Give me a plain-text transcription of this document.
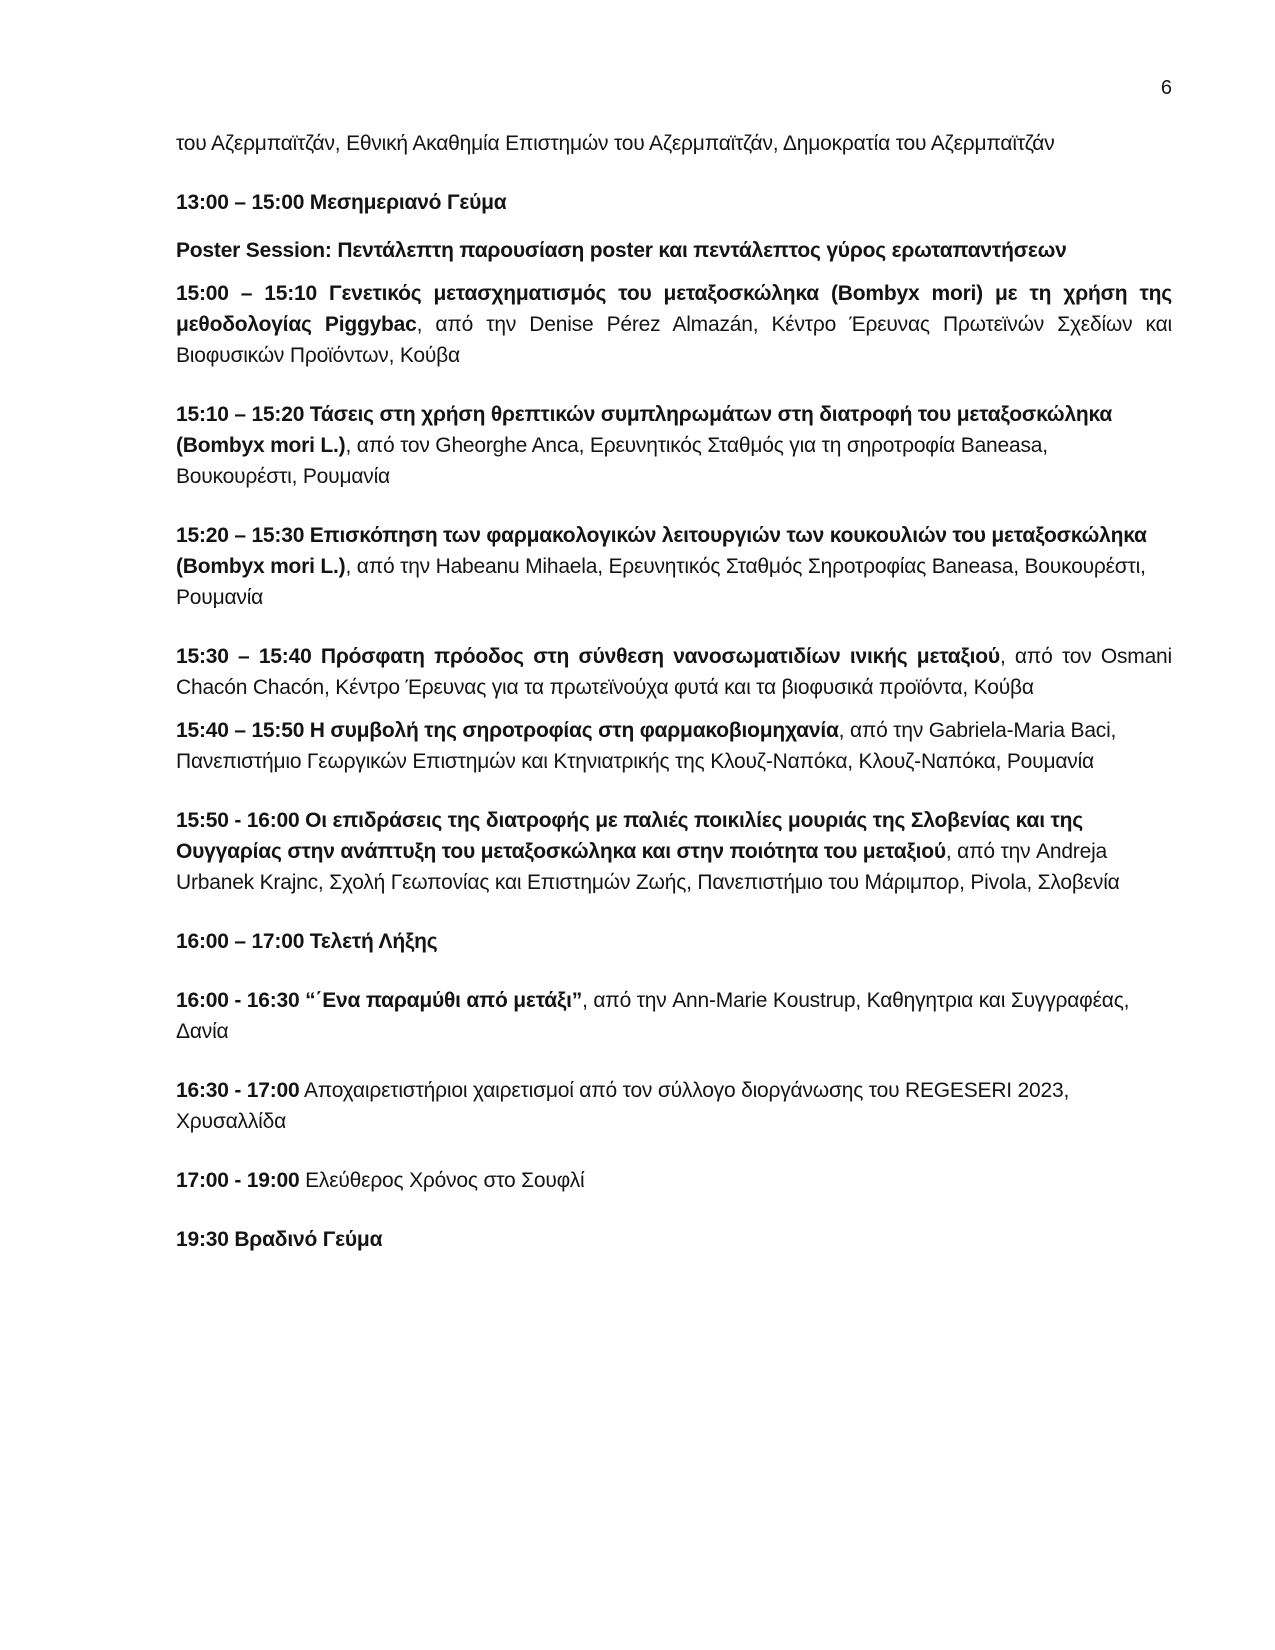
6

του Αζερμπαϊτζάν, Εθνική Ακαθημία Επιστημών του Αζερμπαϊτζάν, Δημοκρατία του Αζερμπαϊτζάν

13:00 – 15:00 Μεσημεριανό Γεύμα

Poster Session: Πεντάλεπτη παρουσίαση poster και πεντάλεπτος γύρος ερωταπαντήσεων

15:00 – 15:10 Γενετικός μετασχηματισμός του μεταξοσκώληκα (Bombyx mori) με τη χρήση της μεθοδολογίας Piggybac, από την Denise Pérez Almazán, Κέντρο Έρευνας Πρωτεϊνών Σχεδίων και Βιοφυσικών Προϊόντων, Κούβα

15:10 – 15:20 Τάσεις στη χρήση θρεπτικών συμπληρωμάτων στη διατροφή του μεταξοσκώληκα (Bombyx mori L.), από τον Gheorghe Anca, Ερευνητικός Σταθμός για τη σηροτροφία Baneasa, Βουκουρέστι, Ρουμανία

15:20 – 15:30 Επισκόπηση των φαρμακολογικών λειτουργιών των κουκουλιών του μεταξοσκώληκα (Bombyx mori L.), από την Habeanu Mihaela, Ερευνητικός Σταθμός Σηροτροφίας Baneasa, Βουκουρέστι, Ρουμανία

15:30 – 15:40 Πρόσφατη πρόοδος στη σύνθεση νανοσωματιδίων ινικής μεταξιού, από τον Osmani Chacón Chacón, Κέντρο Έρευνας για τα πρωτεϊνούχα φυτά και τα βιοφυσικά προϊόντα, Κούβα

15:40 – 15:50 Η συμβολή της σηροτροφίας στη φαρμακοβιομηχανία, από την Gabriela-Maria Baci, Πανεπιστήμιο Γεωργικών Επιστημών και Κτηνιατρικής της Κλουζ-Ναπόκα, Κλουζ-Ναπόκα, Ρουμανία

15:50 - 16:00 Οι επιδράσεις της διατροφής με παλιές ποικιλίες μουριάς της Σλοβενίας και της Ουγγαρίας στην ανάπτυξη του μεταξοσκώληκα και στην ποιότητα του μεταξιού, από την Andreja Urbanek Krajnc, Σχολή Γεωπονίας και Επιστημών Ζωής, Πανεπιστήμιο του Μάριμπορ, Pivola, Σλοβενία

16:00 – 17:00 Τελετή Λήξης

16:00 - 16:30 “΄Ενα παραμύθι από μετάξι”, από την Ann-Marie Koustrup, Καθηγητρια και Συγγραφέας, Δανία

16:30 - 17:00 Αποχαιρετιστήριοι χαιρετισμοί από τον σύλλογο διοργάνωσης του REGESERI 2023, Χρυσαλλίδα

17:00 - 19:00 Ελεύθερος Χρόνος στο Σουφλί

19:30 Βραδινό Γεύμα
